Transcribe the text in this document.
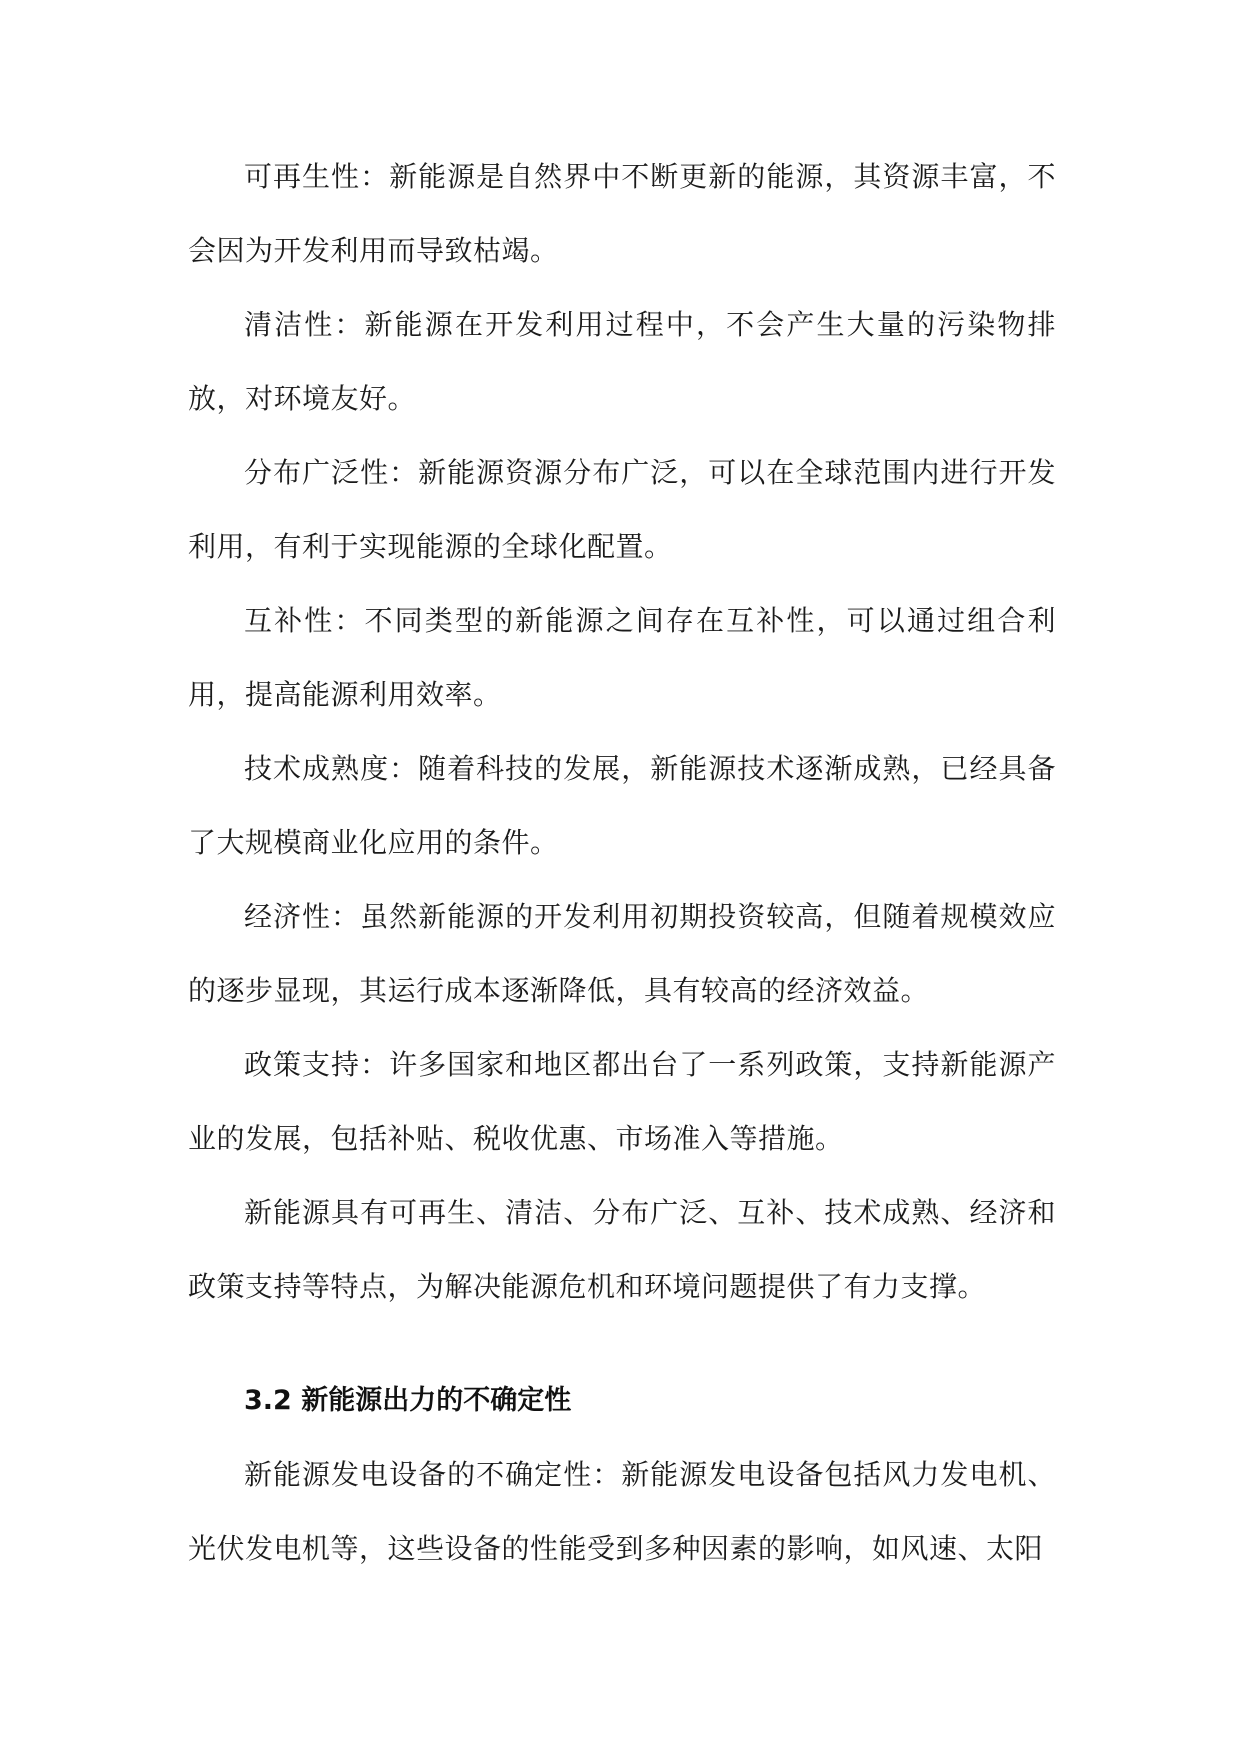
可再生性：新能源是自然界中不断更新的能源，其资源丰富，不会因为开发利用而导致枯竭。

清洁性：新能源在开发利用过程中，不会产生大量的污染物排放，对环境友好。

分布广泛性：新能源资源分布广泛，可以在全球范围内进行开发利用，有利于实现能源的全球化配置。

互补性：不同类型的新能源之间存在互补性，可以通过组合利用，提高能源利用效率。

技术成熟度：随着科技的发展，新能源技术逐渐成熟，已经具备了大规模商业化应用的条件。

经济性：虽然新能源的开发利用初期投资较高，但随着规模效应的逐步显现，其运行成本逐渐降低，具有较高的经济效益。

政策支持：许多国家和地区都出台了一系列政策，支持新能源产业的发展，包括补贴、税收优惠、市场准入等措施。

新能源具有可再生、清洁、分布广泛、互补、技术成熟、经济和政策支持等特点，为解决能源危机和环境问题提供了有力支撑。

3.2 新能源出力的不确定性

新能源发电设备的不确定性：新能源发电设备包括风力发电机、光伏发电机等，这些设备的性能受到多种因素的影响，如风速、太阳
